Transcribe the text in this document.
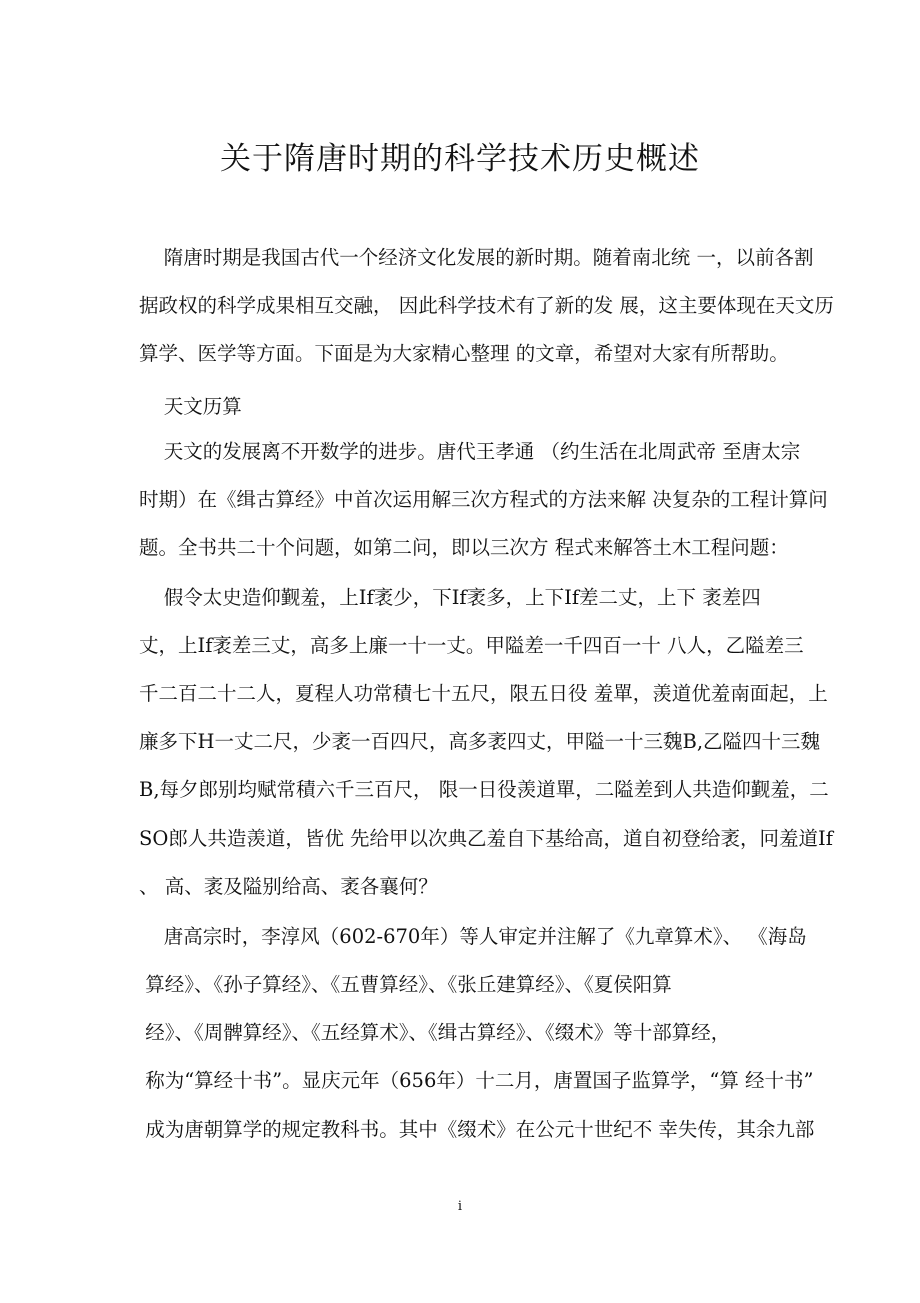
关于隋唐时期的科学技术历史概述

隋唐时期是我国古代一个经济文化发展的新时期。随着南北统 一，以前各割

据政权的科学成果相互交融， 因此科学技术有了新的发 展，这主要体现在天文历

算学、医学等方面。下面是为大家精心整理 的文章，希望对大家有所帮助。

天文历算

天文的发展离不开数学的进步。唐代王孝通 （约生活在北周武帝 至唐太宗

时期）在《缉古算经》中首次运用解三次方程式的方法来解 决复杂的工程计算问

题。全书共二十个问题，如第二问，即以三次方 程式来解答土木工程问题：

假令太史造仰觐羞，上If袤少，下If袤多，上下If差二丈，上下 袤差四

丈，上If袤差三丈，高多上廉一十一丈。甲隘差一千四百一十 八人，乙隘差三

千二百二十二人，夏程人功常積七十五尺，限五日役 羞單，羡道优羞南面起，上

廉多下H一丈二尺，少袤一百四尺，高多袤四丈，甲隘一十三魏B,乙隘四十三魏

B,每夕郎别均赋常積六千三百尺， 限一日役羡道單，二隘差到人共造仰觐羞，二

SO郎人共造羡道，皆优 先给甲以次典乙羞自下基给高，道自初登给袤，冋羞道If

、 高、袤及隘别给高、袤各襄何？

唐高宗时，李淳风（602-670年）等人审定并注解了《九章算术》、 《海岛

算经》、《孙子算经》、《五曹算经》、《张丘建算经》、《夏侯阳算

经》、《周髀算经》、《五经算术》、《缉古算经》、《缀术》等十部算经，

称为“算经十书”。显庆元年（656年）十二月，唐置国子监算学，“算 经十书”

成为唐朝算学的规定教科书。其中《缀术》在公元十世纪不 幸失传，其余九部

i
